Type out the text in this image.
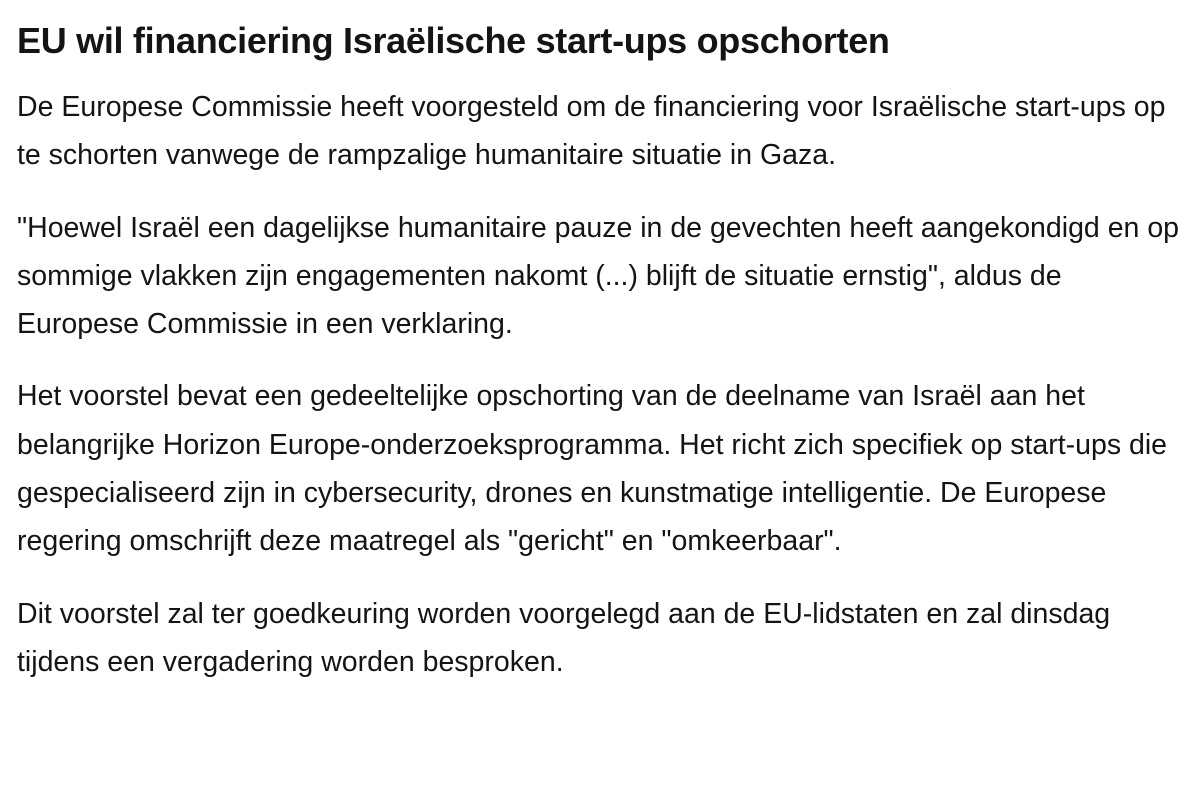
EU wil financiering Israëlische start-ups opschorten

De Europese Commissie heeft voorgesteld om de financiering voor Israëlische start-ups op te schorten vanwege de rampzalige humanitaire situatie in Gaza.

"Hoewel Israël een dagelijkse humanitaire pauze in de gevechten heeft aangekondigd en op sommige vlakken zijn engagementen nakomt (...) blijft de situatie ernstig", aldus de Europese Commissie in een verklaring.

Het voorstel bevat een gedeeltelijke opschorting van de deelname van Israël aan het belangrijke Horizon Europe-onderzoeksprogramma. Het richt zich specifiek op start-ups die gespecialiseerd zijn in cybersecurity, drones en kunstmatige intelligentie. De Europese regering omschrijft deze maatregel als "gericht" en "omkeerbaar".

Dit voorstel zal ter goedkeuring worden voorgelegd aan de EU-lidstaten en zal dinsdag tijdens een vergadering worden besproken.
